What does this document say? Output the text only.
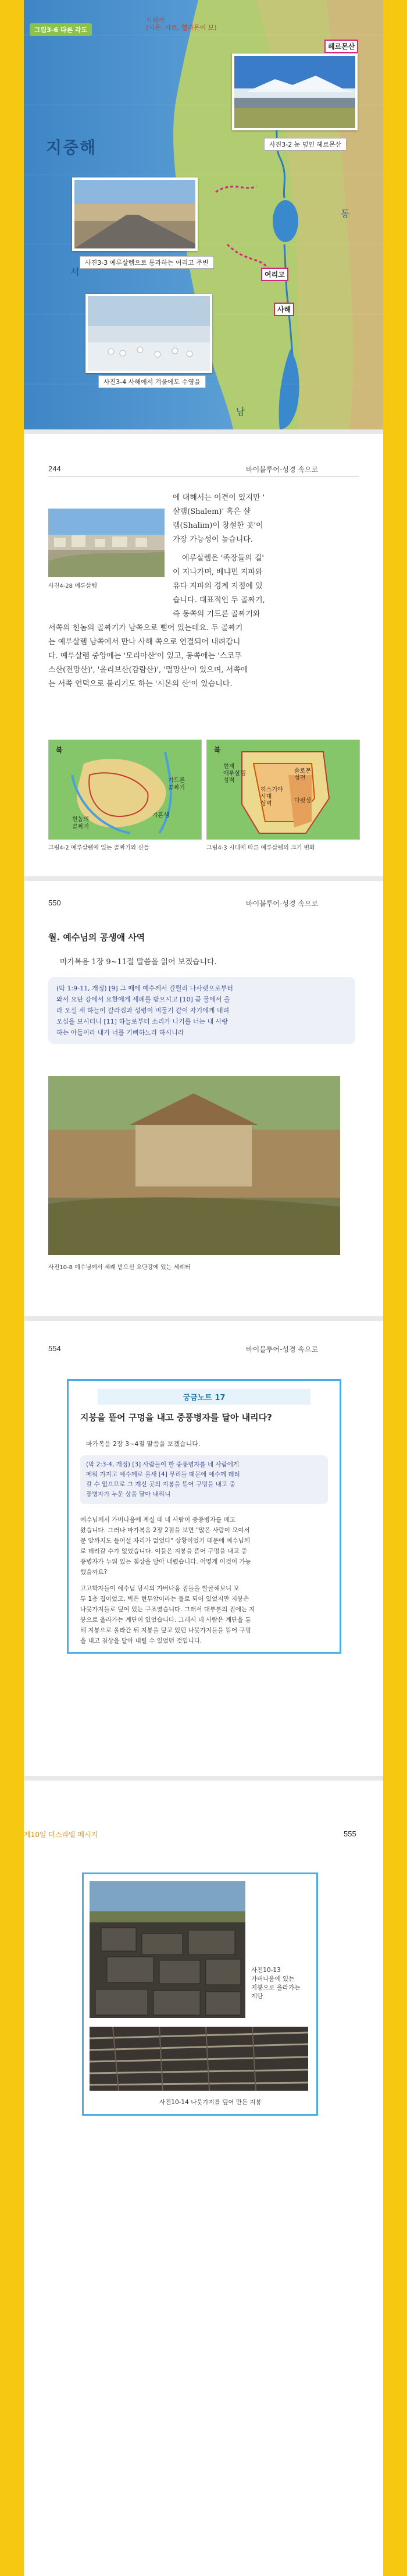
그림3-6 다른 각도
시리아
(시돈, 사르, 헬라몬이 보)
지중해
서
동
남
헤르몬산
사진3-2 눈 덮인 헤르몬산
사진3-3 예루살렘으로 통과하는 여리고 주변
사진3-4 사해에서 겨울에도 수영을
여리고
사해
244	바이블투어-성경 속으로
사진4-28 예루살렘
에 대해서는 이견이 있지만 '
살렘(Shalem)' 혹은 샬
렘(Shalim)이 창설한 곳'이
가장 가능성이 높습니다.
예루살렘은 '족장들의 길'
이 지나가며, 베냐민 지파와
유다 지파의 경계 지점에 있
습니다. 대표적인 두 골짜기,
즉 동쪽의 기드론 골짜기와
서쪽의 힌놈의 골짜기가 남쪽으로 뻗어 있는데요. 두 골짜기
는 예루살렘 남쪽에서 만나 사해 쪽으로 연결되어 내려갑니
다. 예루살렘 중앙에는 '모리아산'이 있고, 동쪽에는 '스코푸
스산(전망산)', '올리브산(감람산)', '멸망산'이 있으며, 서쪽에
는 서쪽 언덕으로 불리기도 하는 '시몬의 산'이 있습니다.
북
기드론
골짜기
골짜기
힌놈의
기혼샘
그림4-2 예루살렘에 있는 골짜기와 산들
북
현재
예루살렘
성벽
다윗성
히스기야
시대
성벽
솔로몬
성전
그림4-3 시대에 따른 예루살렘의 크기 변화
550	바이블투어-성경 속으로
월. 예수님의 공생애 사역
마가복음 1장 9~11절 말씀을 읽어 보겠습니다.
(막 1:9-11, 개정) [9] 그 때에 예수께서 갈릴리 나사렛으로부터
와서 요단 강에서 요한에게 세례를 받으시고 [10] 곧 물에서 올
라 오실 새 하늘이 갈라짐과 성령이 비둘기 같이 자기에게 내려
오심을 보시더니 [11] 하늘로부터 소리가 나기를 너는 내 사랑
하는 아들이라 내가 너를 기뻐하노라 하시니라
사진10-8 예수님께서 세례 받으신 요단강에 있는 세례터
554	바이블투어-성경 속으로
궁금노트 17
지붕을 뜯어 구멍을 내고 중풍병자를 달아 내리다?
마가복음 2장 3~4절 말씀을 보겠습니다.
(막 2:3-4, 개정) [3] 사람들이 한 중풍병자를 네 사람에게
메워 가지고 예수께로 올새 [4] 무리들 때문에 예수께 데려
갈 수 없으므로 그 계신 곳의 지붕을 뜯어 구멍을 내고 중
풍병자가 누운 상을 달아 내리니
예수님께서 가버나움에 계실 때 네 사람이 중풍병자를 메고
왔습니다. 그러나 마가복음 2장 2절을 보면 "많은 사람이 모여서
문 앞까지도 들어설 자리가 없었다" 상황이었기 때문에 예수님께
로 데려갈 수가 없었습니다. 이들은 지붕을 뜯어 구멍을 내고 중
풍병자가 누워 있는 침상을 달아 내렸습니다. 어떻게 이것이 가능
했을까요?
고고학자들이 예수님 당시의 가버나움 집들을 발굴해보니 모
두 1층 집이었고, 벽은 현무암이라는 돌로 되어 있었지만 지붕은
나뭇가지들로 덮여 있는 구조였습니다. 그래서 대부분의 집에는 지
붕으로 올라가는 계단이 있었습니다. 그래서 네 사람은 계단을 통
해 지붕으로 올라간 뒤 지붕을 덮고 있던 나뭇가지들을 뜯어 구멍
을 내고 침상을 달아 내릴 수 있었던 것입니다.
제10일 미스라엘 메시지	555
사진10-13
가버나움에 있는
지붕으로 올라가는
계단
사진10-14 나뭇가지를 덮어 만든 지붕
